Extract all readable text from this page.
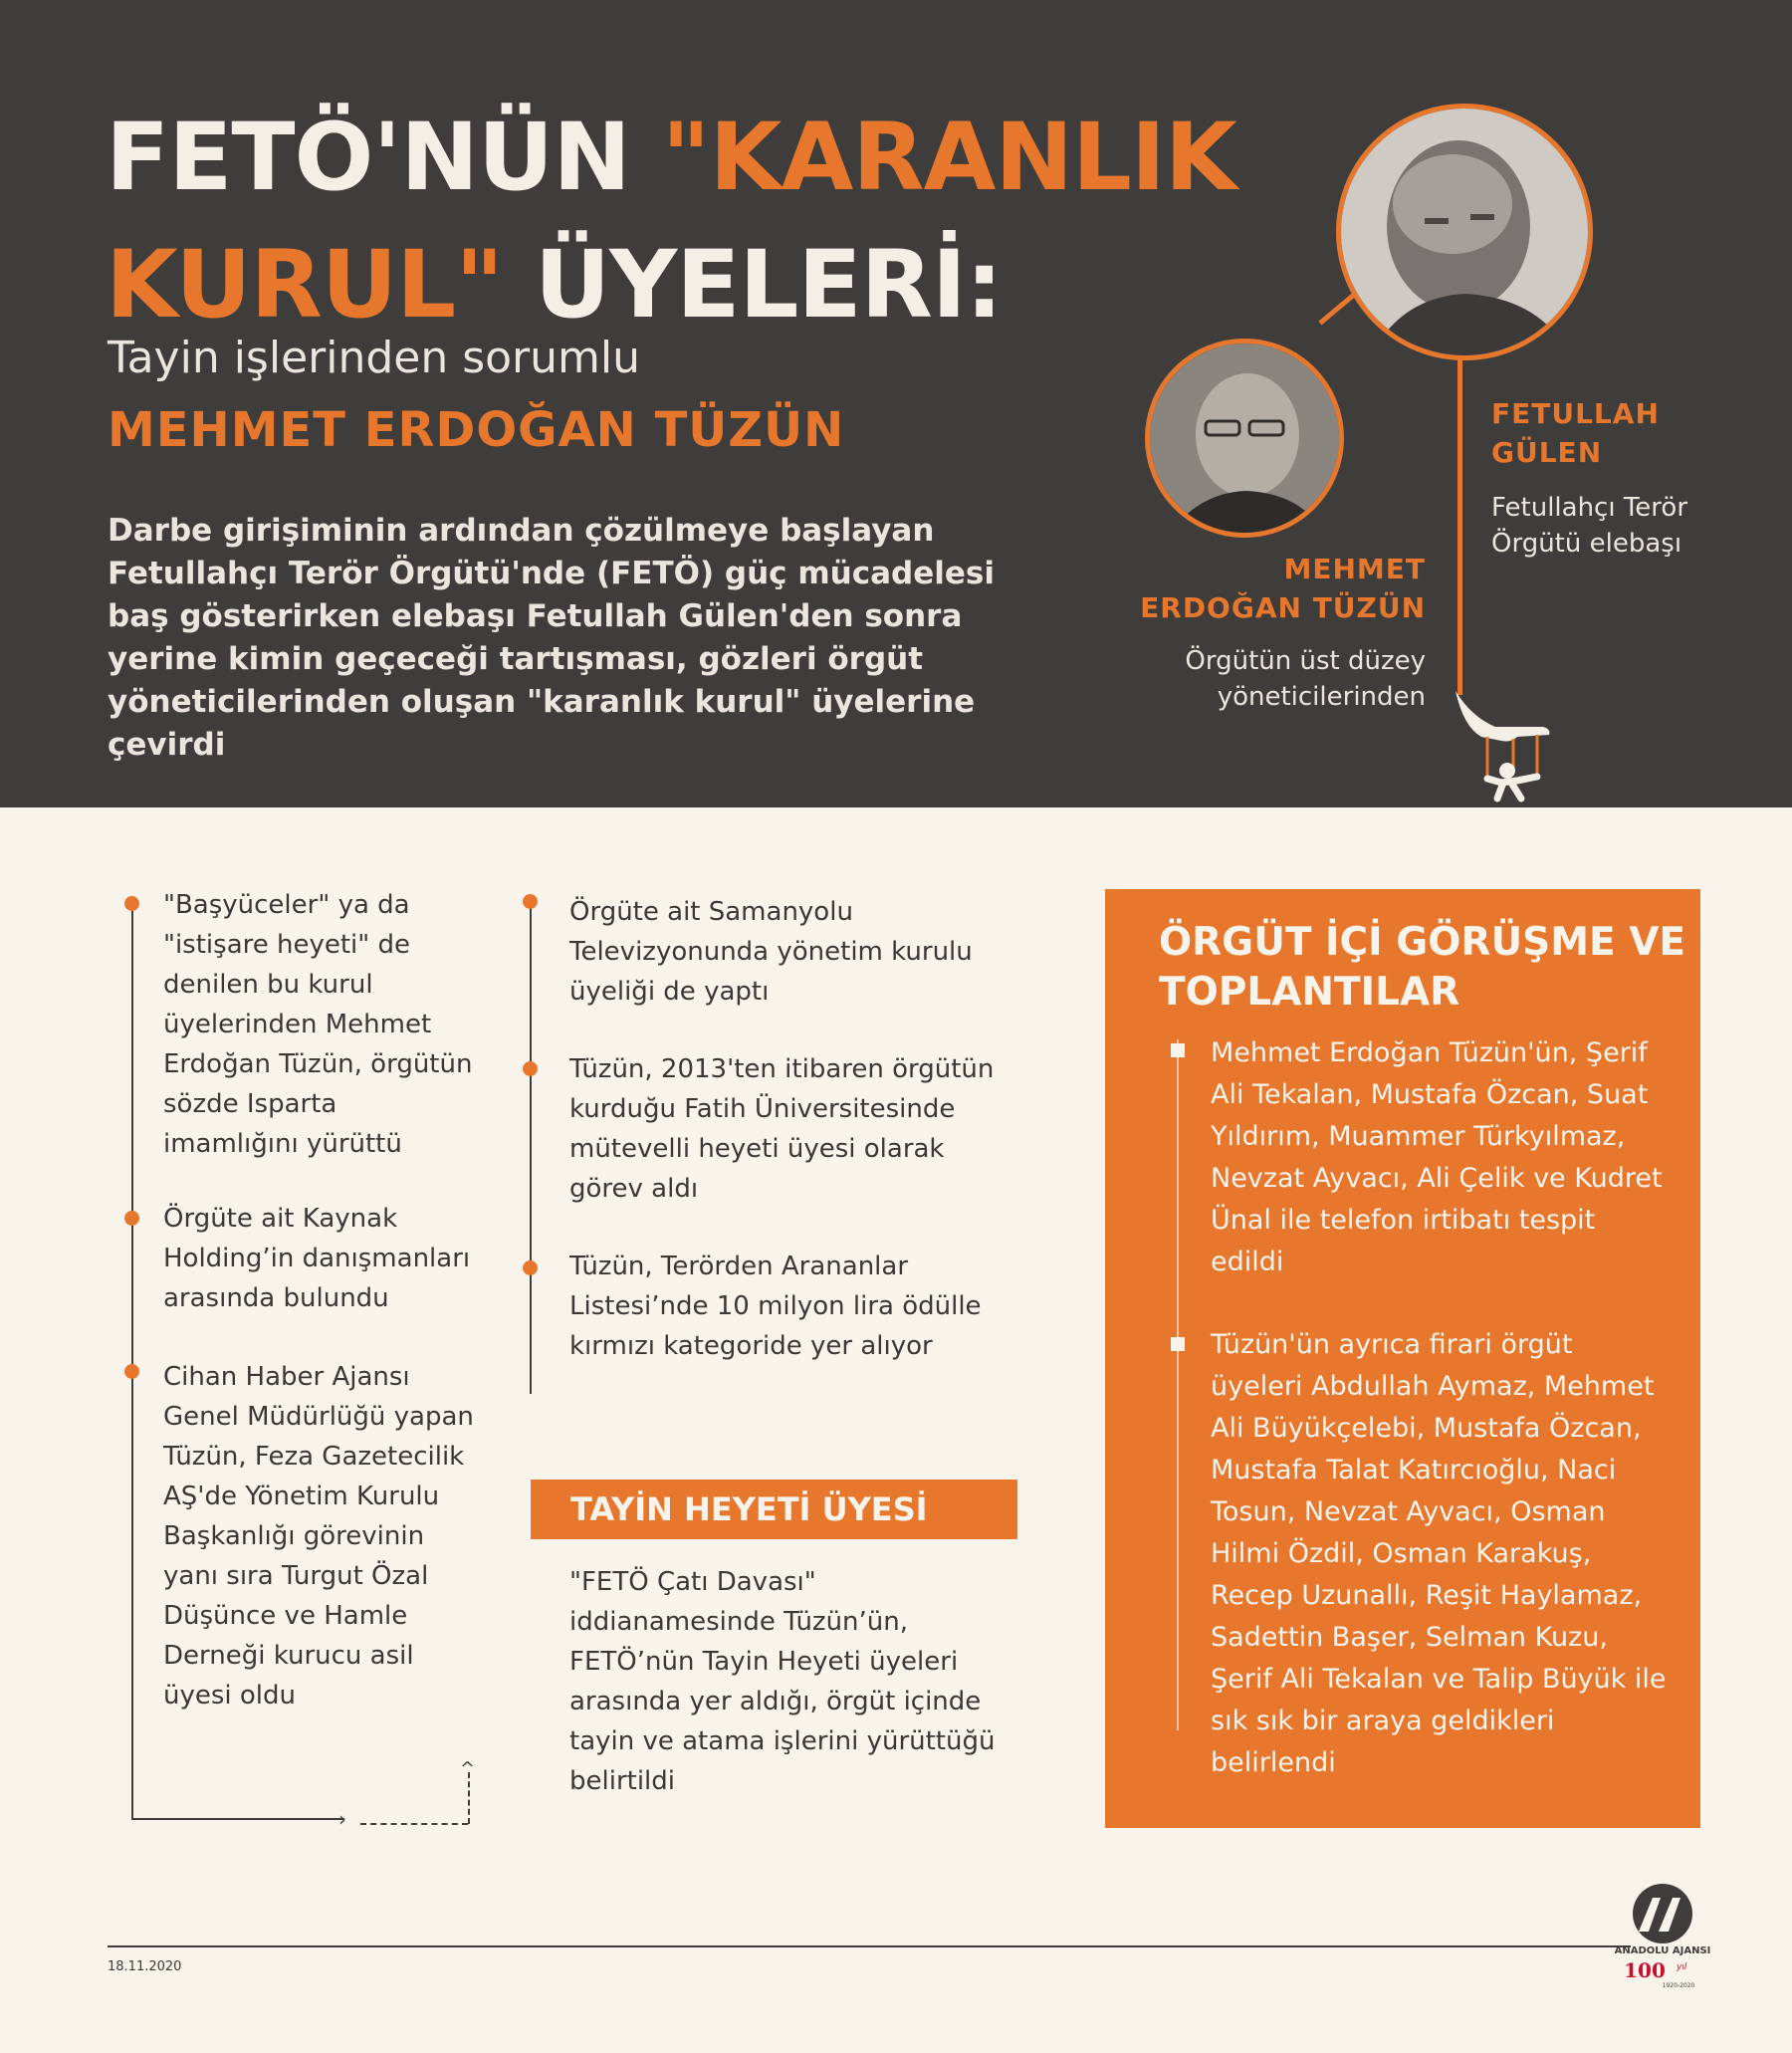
FETÖ'NÜN "KARANLIK KURUL" ÜYELERİ:

Tayin işlerinden sorumlu

MEHMET ERDOĞAN TÜZÜN

Darbe girişiminin ardından çözülmeye başlayan Fetullahçı Terör Örgütü'nde (FETÖ) güç mücadelesi baş gösterirken elebaşı Fetullah Gülen'den sonra yerine kimin geçeceği tartışması, gözleri örgüt yöneticilerinden oluşan "karanlık kurul" üyelerine çevirdi

FETULLAH
GÜLEN

Fetullahçı Terör
Örgütü elebaşı

MEHMET
ERDOĞAN TÜZÜN

Örgütün üst düzey
yöneticilerinden

›
^

"Başyüceler" ya da "istişare heyeti" de denilen bu kurul üyelerinden Mehmet Erdoğan Tüzün, örgütün sözde Isparta imamlığını yürüttü

Örgüte ait Kaynak Holding’in danışmanları arasında bulundu

Cihan Haber Ajansı Genel Müdürlüğü yapan Tüzün, Feza Gazetecilik AŞ'de Yönetim Kurulu Başkanlığı görevinin yanı sıra Turgut Özal Düşünce ve Hamle Derneği kurucu asil üyesi oldu

Örgüte ait Samanyolu Televizyonunda yönetim kurulu üyeliği de yaptı

Tüzün, 2013'ten itibaren örgütün kurduğu Fatih Üniversitesinde mütevelli heyeti üyesi olarak görev aldı

Tüzün, Terörden Arananlar Listesi’nde 10 milyon lira ödülle kırmızı kategoride yer alıyor

TAYİN HEYETİ ÜYESİ

"FETÖ Çatı Davası" iddianamesinde Tüzün’ün, FETÖ’nün Tayin Heyeti üyeleri arasında yer aldığı, örgüt içinde tayin ve atama işlerini yürüttüğü belirtildi

ÖRGÜT İÇİ GÖRÜŞME VE TOPLANTILAR

Mehmet Erdoğan Tüzün'ün, Şerif Ali Tekalan, Mustafa Özcan, Suat Yıldırım, Muammer Türkyılmaz, Nevzat Ayvacı, Ali Çelik ve Kudret Ünal ile telefon irtibatı tespit edildi

Tüzün'ün ayrıca firari örgüt üyeleri Abdullah Aymaz, Mehmet Ali Büyükçelebi, Mustafa Özcan, Mustafa Talat Katırcıoğlu, Naci Tosun, Nevzat Ayvacı, Osman Hilmi Özdil, Osman Karakuş, Recep Uzunallı, Reşit Haylamaz, Sadettin Başer, Selman Kuzu, Şerif Ali Tekalan ve Talip Büyük ile sık sık bir araya geldikleri belirlendi

18.11.2020
ANADOLU AJANSI
100 yıl
1920-2020
